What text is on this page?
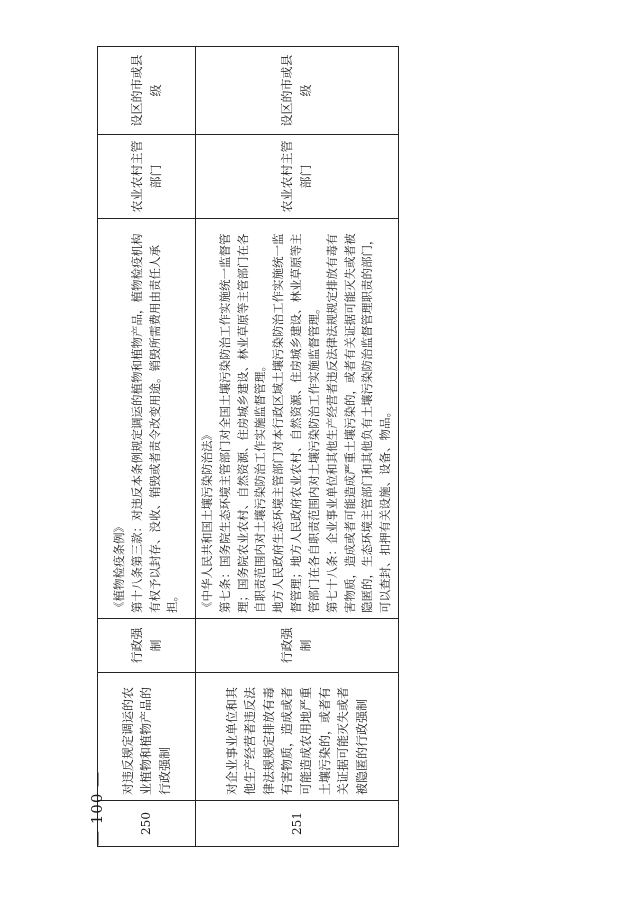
250	对违反规定调运的农业植物和植物产品的行政强制	行政强制	《植物检疫条例》 第十八条第三款：对违反本条例规定调运的植物和植物产品，植物检疫机构有权予以封存、没收、销毁或者责令改变用途。销毁所需费用由责任人承担。	农业农村主管部门	设区的市或县级
251	对企业事业单位和其他生产经营者违反法律法规规定排放有毒有害物质，造成或者可能造成农用地严重土壤污染的，或者有关证据可能灭失或者被隐匿的行政强制	行政强制	《中华人民共和国土壤污染防治法》 第七条：国务院生态环境主管部门对全国土壤污染防治工作实施统一监督管理；国务院农业农村、自然资源、住房城乡建设、林业草原等主管部门在各自职责范围内对土壤污染防治工作实施监督管理。 地方人民政府生态环境主管部门对本行政区域土壤污染防治工作实施统一监督管理；地方人民政府农业农村、自然资源、住房城乡建设、林业草原等主管部门在各自职责范围内对土壤污染防治工作实施监督管理。 第七十八条：企业事业单位和其他生产经营者违反法律法规规定排放有毒有害物质，造成或者可能造成严重土壤污染的，或者有关证据可能灭失或者被隐匿的，生态环境主管部门和其他负有土壤污染防治监督管理职责的部门，可以查封、扣押有关设施、设备、物品。	农业农村主管部门	设区的市或县级
— 100 —
